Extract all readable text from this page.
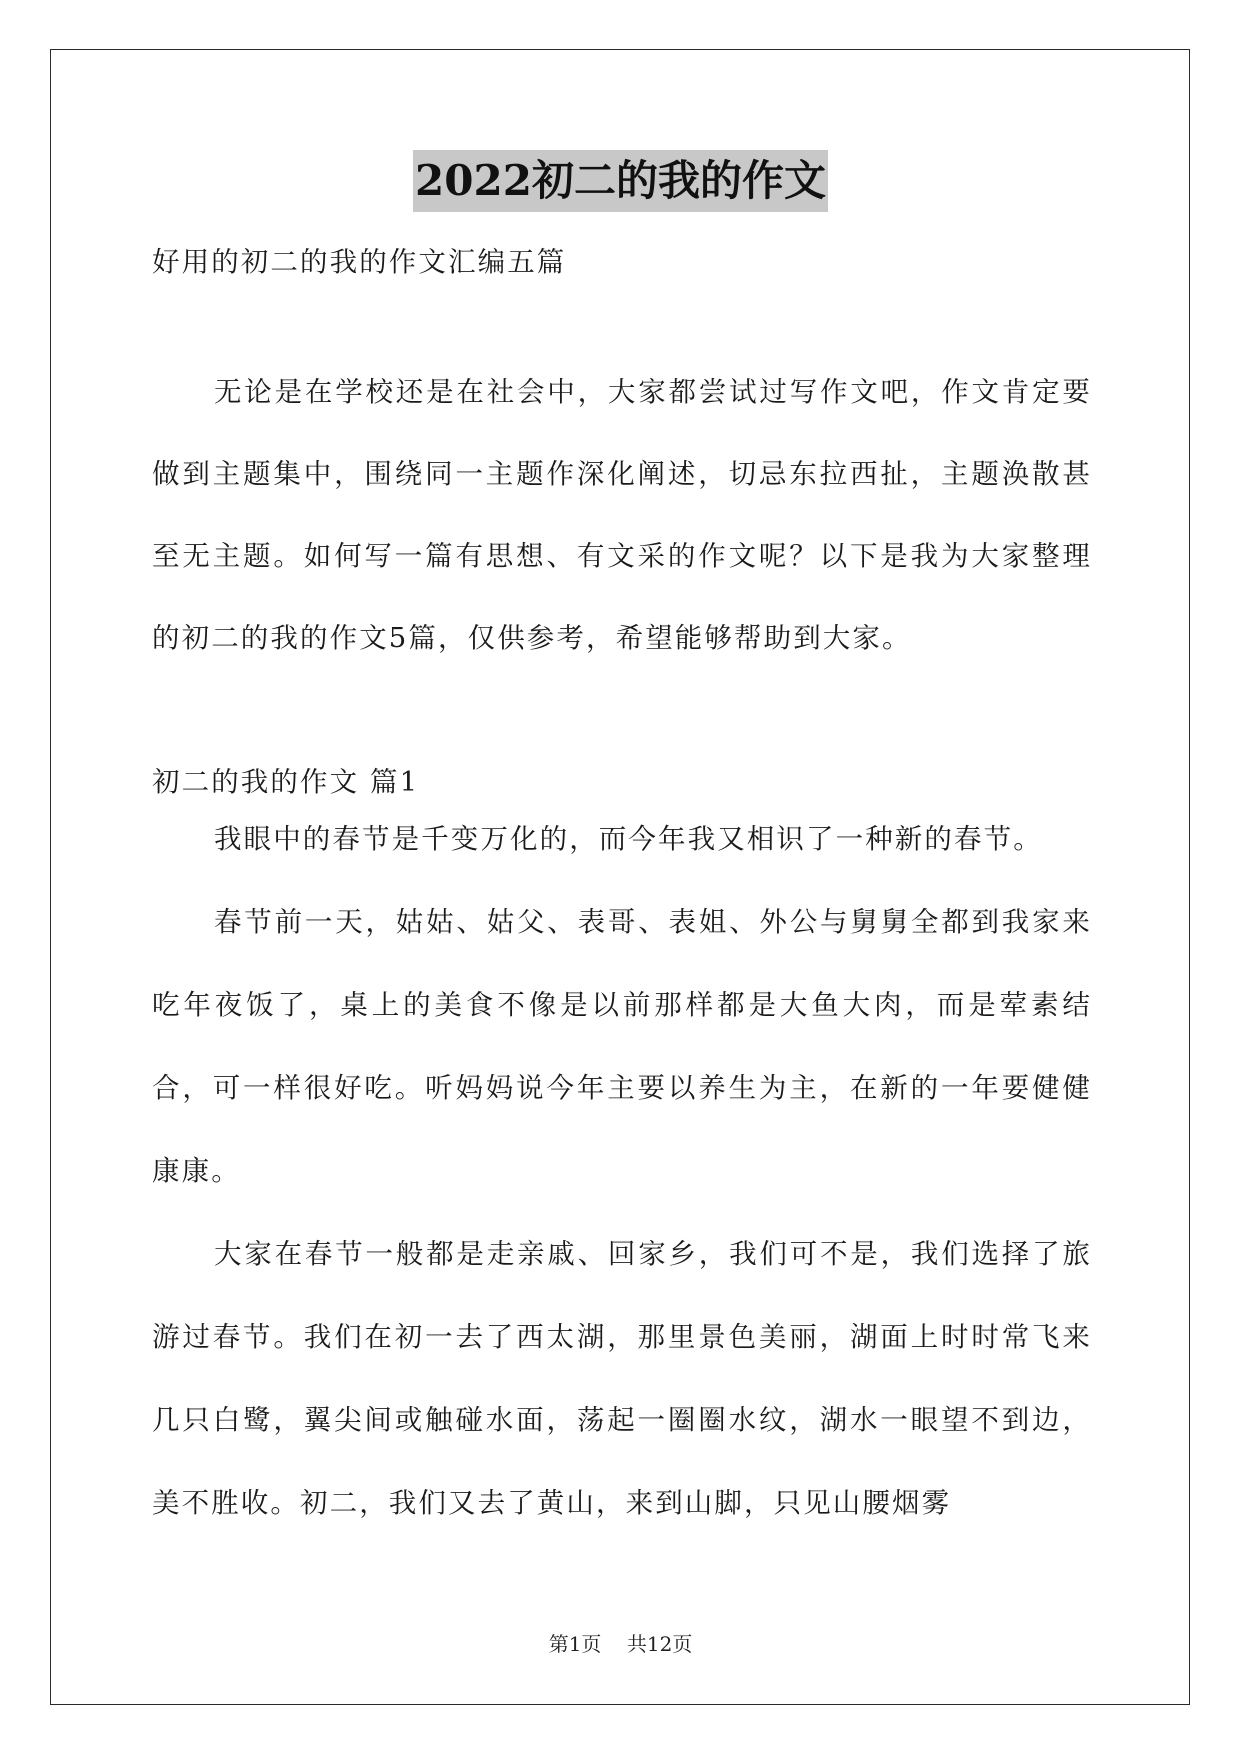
2022初二的我的作文
好用的初二的我的作文汇编五篇

无论是在学校还是在社会中，大家都尝试过写作文吧，作文肯定要做到主题集中，围绕同一主题作深化阐述，切忌东拉西扯，主题涣散甚至无主题。如何写一篇有思想、有文采的作文呢？以下是我为大家整理的初二的我的作文5篇，仅供参考，希望能够帮助到大家。

初二的我的作文 篇1

我眼中的春节是千变万化的，而今年我又相识了一种新的春节。

春节前一天，姑姑、姑父、表哥、表姐、外公与舅舅全都到我家来吃年夜饭了，桌上的美食不像是以前那样都是大鱼大肉，而是荤素结合，可一样很好吃。听妈妈说今年主要以养生为主，在新的一年要健健康康。

大家在春节一般都是走亲戚、回家乡，我们可不是，我们选择了旅游过春节。我们在初一去了西太湖，那里景色美丽，湖面上时时常飞来几只白鹭，翼尖间或触碰水面，荡起一圈圈水纹，湖水一眼望不到边，美不胜收。初二，我们又去了黄山，来到山脚，只见山腰烟雾

第1页 共12页
